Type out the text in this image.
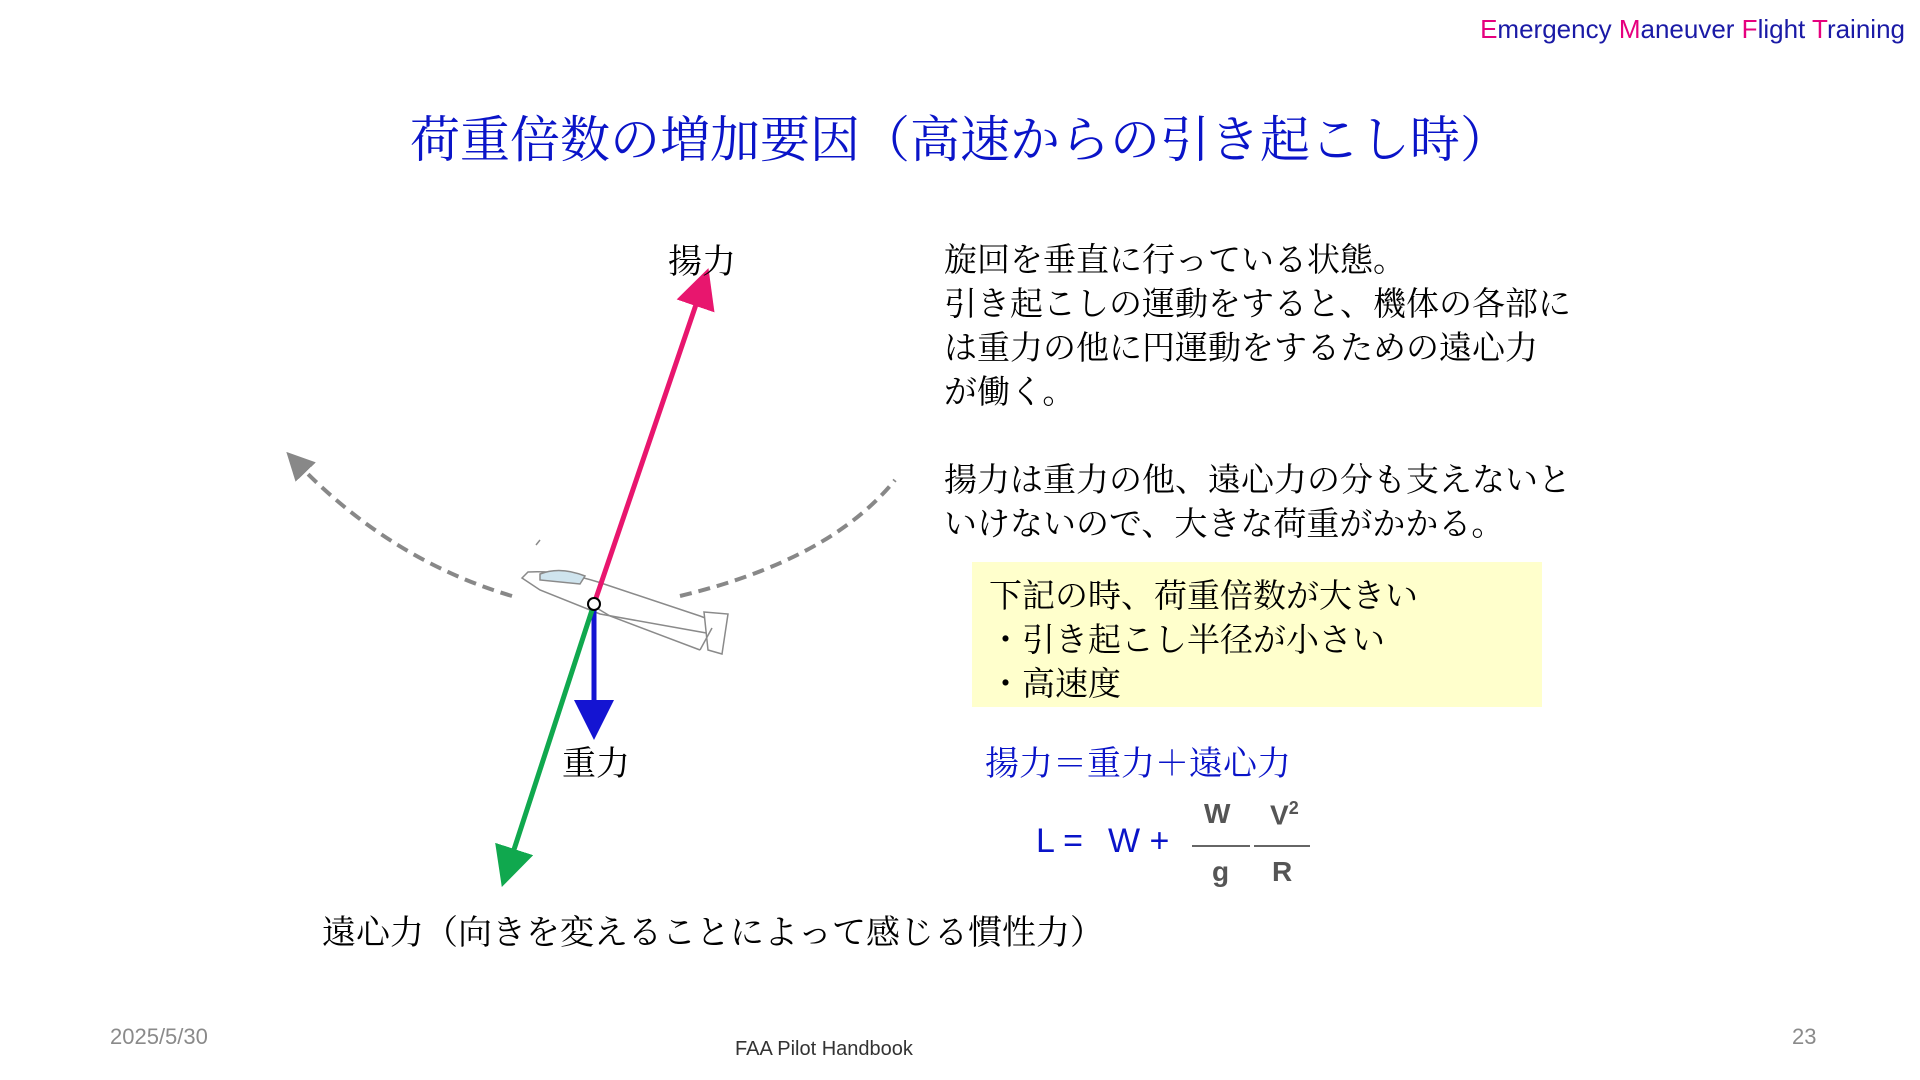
Emergency Maneuver Flight Training
荷重倍数の増加要因（高速からの引き起こし時）
揚力
重力
遠心力（向きを変えることによって感じる慣性力）
旋回を垂直に行っている状態。
引き起こしの運動をすると、機体の各部に
は重力の他に円運動をするための遠心力
が働く。
揚力は重力の他、遠心力の分も支えないと
いけないので、大きな荷重がかかる。
下記の時、荷重倍数が大きい
・引き起こし半径が小さい
・高速度
揚力＝重力＋遠心力
L = W +
W
g
$V^2$
R
2025/5/30	FAA Pilot Handbook	23
